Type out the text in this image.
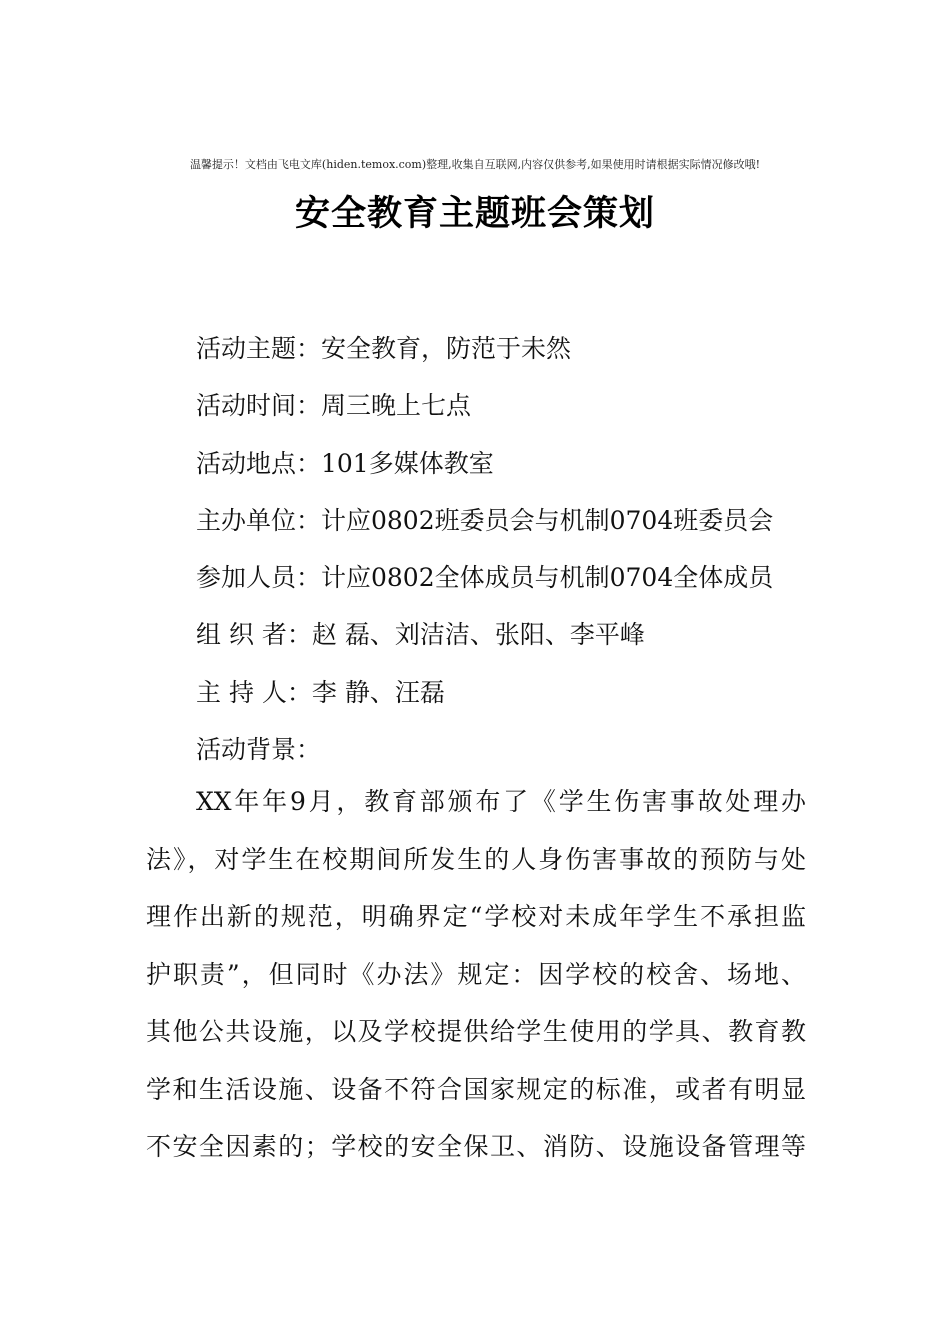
温馨提示！文档由飞电文库(hiden.temox.com)整理,收集自互联网,内容仅供参考,如果使用时请根据实际情况修改哦!
安全教育主题班会策划
活动主题：安全教育，防范于未然
活动时间：周三晚上七点
活动地点：101多媒体教室
主办单位：计应0802班委员会与机制0704班委员会
参加人员：计应0802全体成员与机制0704全体成员
组 织 者：赵 磊、刘洁洁、张阳、李平峰
主 持 人：李 静、汪磊
活动背景：
XX年年9月，教育部颁布了《学生伤害事故处理办
法》，对学生在校期间所发生的人身伤害事故的预防与处
理作出新的规范，明确界定“学校对未成年学生不承担监
护职责”，但同时《办法》规定：因学校的校舍、场地、
其他公共设施，以及学校提供给学生使用的学具、教育教
学和生活设施、设备不符合国家规定的标准，或者有明显
不安全因素的；学校的安全保卫、消防、设施设备管理等
